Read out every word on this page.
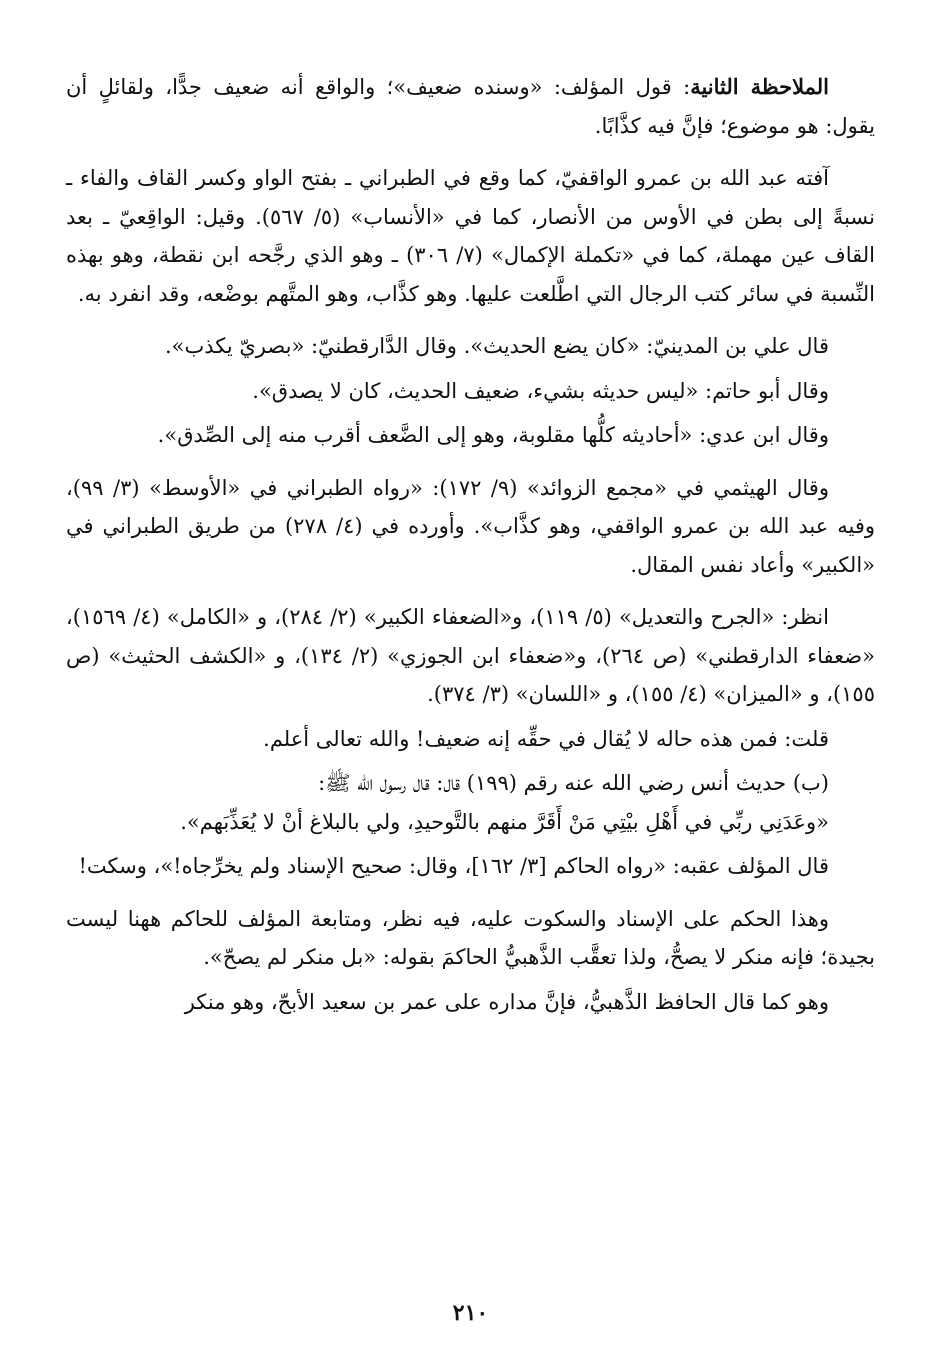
الملاحظة الثانية: قول المؤلف: «وسنده ضعيف»؛ والواقع أنه ضعيف جدًّا، ولقائلٍ أن يقول: هو موضوع؛ فإنَّ فيه كذَّابًا.

آفته عبد الله بن عمرو الواقفيّ، كما وقع في الطبراني ـ بفتح الواو وكسر القاف والفاء ـ نسبةً إلى بطن في الأوس من الأنصار، كما في «الأنساب» (٥/ ٥٦٧). وقيل: الواقِعيّ ـ بعد القاف عين مهملة، كما في «تكملة الإكمال» (٧/ ٣٠٦) ـ وهو الذي رجَّحه ابن نقطة، وهو بهذه النِّسبة في سائر كتب الرجال التي اطَّلعت عليها. وهو كذَّاب، وهو المتَّهم بوضْعه، وقد انفرد به.

قال علي بن المدينيّ: «كان يضع الحديث». وقال الدَّارقطنيّ: «بصريّ يكذب».

وقال أبو حاتم: «ليس حديثه بشيء، ضعيف الحديث، كان لا يصدق».

وقال ابن عدي: «أحاديثه كلُّها مقلوبة، وهو إلى الضَّعف أقرب منه إلى الصِّدق».

وقال الهيثمي في «مجمع الزوائد» (٩/ ١٧٢): «رواه الطبراني في «الأوسط» (٣/ ٩٩)، وفيه عبد الله بن عمرو الواقفي، وهو كذَّاب». وأورده في (٤/ ٢٧٨) من طريق الطبراني في «الكبير» وأعاد نفس المقال.

انظر: «الجرح والتعديل» (٥/ ١١٩)، و«الضعفاء الكبير» (٢/ ٢٨٤)، و «الكامل» (٤/ ١٥٦٩)، «ضعفاء الدارقطني» (ص ٢٦٤)، و«ضعفاء ابن الجوزي» (٢/ ١٣٤)، و «الكشف الحثيث» (ص ١٥٥)، و «الميزان» (٤/ ١٥٥)، و «اللسان» (٣/ ٣٧٤).

قلت: فمن هذه حاله لا يُقال في حقِّه إنه ضعيف! والله تعالى أعلم.

(ب) حديث أنس رضي الله عنه رقم (١٩٩) قال: قال رسول الله ﷺ:

«وعَدَنِي ربِّي في أَهْلِ بيْتِي مَنْ أَقَرَّ منهم بالتَّوحيدِ، ولي بالبلاغ أنْ لا يُعَذِّبَهم».

قال المؤلف عقبه: «رواه الحاكم [٣/ ١٦٢]، وقال: صحيح الإسناد ولم يخرِّجاه!»، وسكت!

وهذا الحكم على الإسناد والسكوت عليه، فيه نظر، ومتابعة المؤلف للحاكم ههنا ليست بجيدة؛ فإنه منكر لا يصحُّ، ولذا تعقَّب الذَّهبيُّ الحاكمَ بقوله: «بل منكر لم يصحّ».

وهو كما قال الحافظ الذَّهبيُّ، فإنَّ مداره على عمر بن سعيد الأبحّ، وهو منكر

٢١٠
